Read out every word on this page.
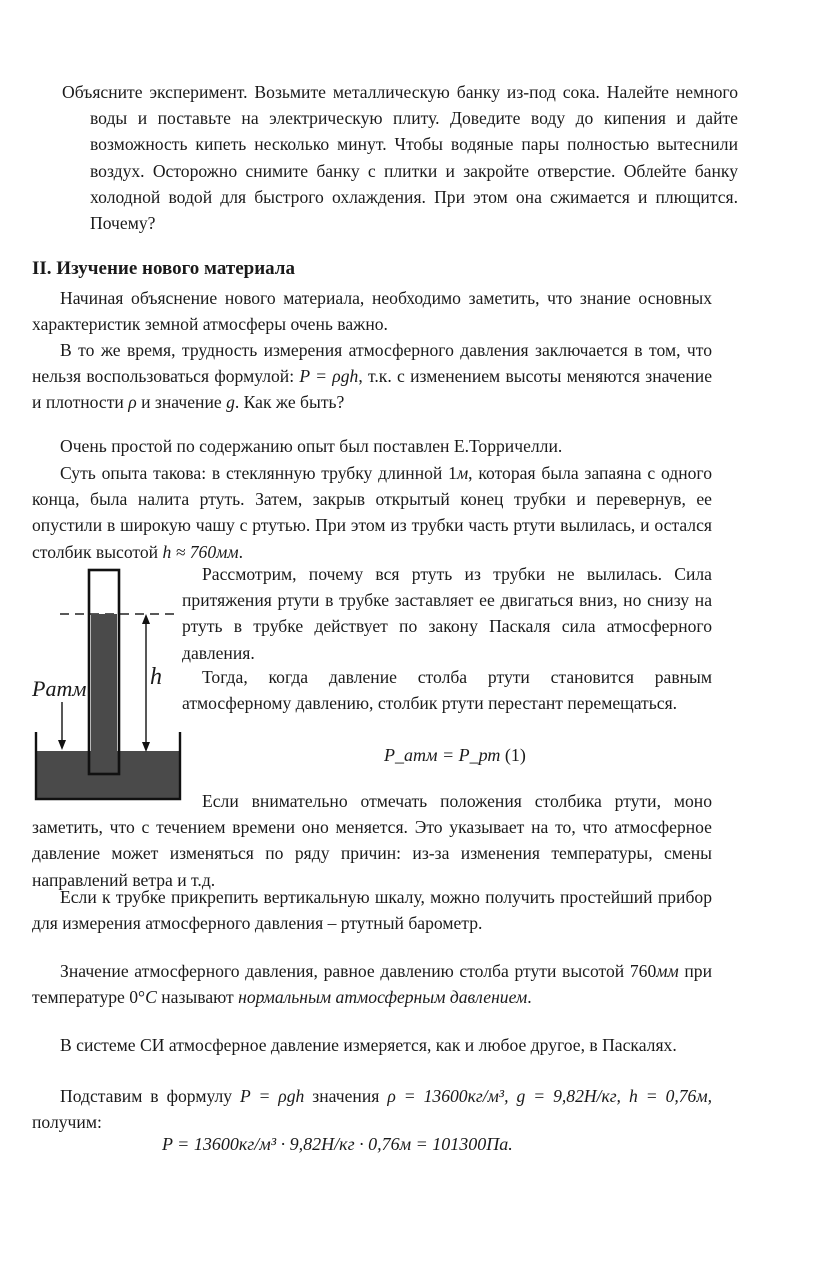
Объясните эксперимент. Возьмите металлическую банку из-под сока. Налейте немного воды и поставьте на электрическую плиту. Доведите воду до кипения и дайте возможность кипеть несколько минут. Чтобы водяные пары полностью вытеснили воздух. Осторожно снимите банку с плитки и закройте отверстие. Облейте банку холодной водой для быстрого охлаждения. При этом она сжимается и плющится. Почему?

II. Изучение нового материала

Начиная объяснение нового материала, необходимо заметить, что знание основных характеристик земной атмосферы очень важно.

В то же время, трудность измерения атмосферного давления заключается в том, что нельзя воспользоваться формулой: P = ρgh, т.к. с изменением высоты меняются значение и плотности ρ и значение g. Как же быть?

Очень простой по содержанию опыт был поставлен Е.Торричелли.

Суть опыта такова: в стеклянную трубку длинной 1м, которая была запаяна с одного конца, была налита ртуть. Затем, закрыв открытый конец трубки и перевернув, ее опустили в широкую чашу с ртутью. При этом из трубки часть ртути вылилась, и остался столбик высотой h ≈ 760мм.

Pатм	h

Рассмотрим, почему вся ртуть из трубки не вылилась. Сила притяжения ртути в трубке заставляет ее двигаться вниз, но снизу на ртуть в трубке действует по закону Паскаля сила атмосферного давления.

Тогда, когда давление столба ртути становится равным атмосферному давлению, столбик ртути перестант перемещаться.

P_атм = P_рт (1)

Если внимательно отмечать положения столбика ртути, моно заметить, что с течением времени оно меняется. Это указывает на то, что атмосферное давление может изменяться по ряду причин: из-за изменения температуры, смены направлений ветра и т.д.

Если к трубке прикрепить вертикальную шкалу, можно получить простейший прибор для измерения атмосферного давления – ртутный барометр.

Значение атмосферного давления, равное давлению столба ртути высотой 760мм при температуре 0°C называют нормальным атмосферным давлением.

В системе СИ атмосферное давление измеряется, как и любое другое, в Паскалях.

Подставим в формулу P = ρgh значения ρ = 13600кг/м³, g = 9,82Н/кг, h = 0,76м, получим:

P = 13600кг/м³ · 9,82Н/кг · 0,76м = 101300Па.
